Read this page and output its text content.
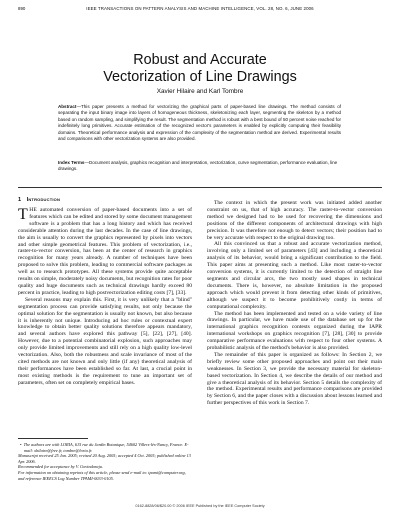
890	IEEE TRANSACTIONS ON PATTERN ANALYSIS AND MACHINE INTELLIGENCE, VOL. 28, NO. 6, JUNE 2006
Robust and Accurate
Vectorization of Line Drawings
Xavier Hilaire and Karl Tombre
Abstract—This paper presents a method for vectorizing the graphical parts of paper-based line drawings. The method consists of separating the input binary image into layers of homogeneous thickness, skeletonizing each layer, segmenting the skeleton by a method based on random sampling, and simplifying the result. The segmentation method is robust with a best bound of 50 percent noise reached for indefinitely long primitives. Accurate estimation of the recognized vector's parameters is enabled by explicitly computing their feasibility domains. Theoretical performance analysis and expression of the complexity of the segmentation method are derived. Experimental results and comparisons with other vectorization systems are also provided.
Index Terms—Document analysis, graphics recognition and interpretation, vectorization, curve segmentation, performance evaluation, line drawings.
1 Introduction

THE automated conversion of paper-based documents into a set of features which can be edited and stored by some document management software is a problem that has a long history and which has received considerable attention during the last decades. In the case of line drawings, the aim is usually to convert the graphics represented by pixels into vectors and other simple geometrical features. This problem of vectorization, i.e., raster-to-vector conversion, has been at the center of research in graphics recognition for many years already. A number of techniques have been proposed to solve this problem, leading to commercial software packages as well as to research prototypes. All these systems provide quite acceptable results on simple, moderately noisy documents, but recognition rates for poor quality and huge documents such as technical drawings hardly exceed 80 percent in practice, leading to high postvectorization editing costs [7], [33].

Several reasons may explain this. First, it is very unlikely that a "blind" segmentation process can provide satisfying results, not only because the optimal solution for the segmentation is usually not known, but also because it is inherently not unique. Introducing ad hoc rules or contextual expert knowledge to obtain better quality solutions therefore appears mandatory, and several authors have explored this pathway [5], [22], [27], [40]. However, due to a potential combinatorial explosion, such approaches may only provide limited improvements and still rely on a high quality low-level vectorization. Also, both the robustness and scale invariance of most of the cited methods are not known and only little (if any) theoretical analysis of their performances have been established so far. At last, a crucial point in most existing methods is the requirement to tune an important set of parameters, often set on completely empirical bases.

The context in which the present work was initiated added another constraint on us, that of high accuracy. The raster-to-vector conversion method we designed had to be used for recovering the dimensions and positions of the different components of architectural drawings with high precision. It was therefore not enough to detect vectors; their position had to be very accurate with respect to the original drawing too.

All this convinced us that a robust and accurate vectorization method, involving only a limited set of parameters [43] and including a theoretical analysis of its behavior, would bring a significant contribution to the field. This paper aims at presenting such a method. Like most raster-to-vector conversion systems, it is currently limited to the detection of straight line segments and circular arcs, the two mostly used shapes in technical documents. There is, however, no absolute limitation in the proposed approach which would prevent it from detecting other kinds of primitives, although we suspect it to become prohibitively costly in terms of computational complexity.

The method has been implemented and tested on a wide variety of line drawings. In particular, we have made use of the database set up for the international graphics recognition contests organized during the IAPR international workshops on graphics recognition [7], [28], [30] to provide comparative performance evaluations with respect to four other systems. A probabilistic analysis of the method's behavior is also provided.

The remainder of this paper is organized as follows: In Section 2, we briefly review some other proposed approaches and point out their main weaknesses. In Section 3, we provide the necessary material for skeleton-based vectorization. In Section 4, we describe the details of our method and give a theoretical analysis of its behavior. Section 5 details the complexity of the method. Experimental results and performance comparisons are provided by Section 6, and the paper closes with a discussion about lessons learned and further perspectives of this work in Section 7.

•  The authors are with LORIA, 615 rue du Jardin Botanique, 54602 Villers-lès-Nancy, France. E-mail: xhilaire@free.fr, tombre@loria.fr.

Manuscript received 25 Jan. 2005; revised 20 Aug. 2005; accepted 4 Oct. 2005; published online 13 Apr. 2006.

Recommended for acceptance by V. Govindaraju.

For information on obtaining reprints of this article, please send e-mail to: tpami@computer.org, and reference IEEECS Log Number TPAMI-0033-0105.

0162-8828/06/$20.00 © 2006 IEEE Published by the IEEE Computer Society
